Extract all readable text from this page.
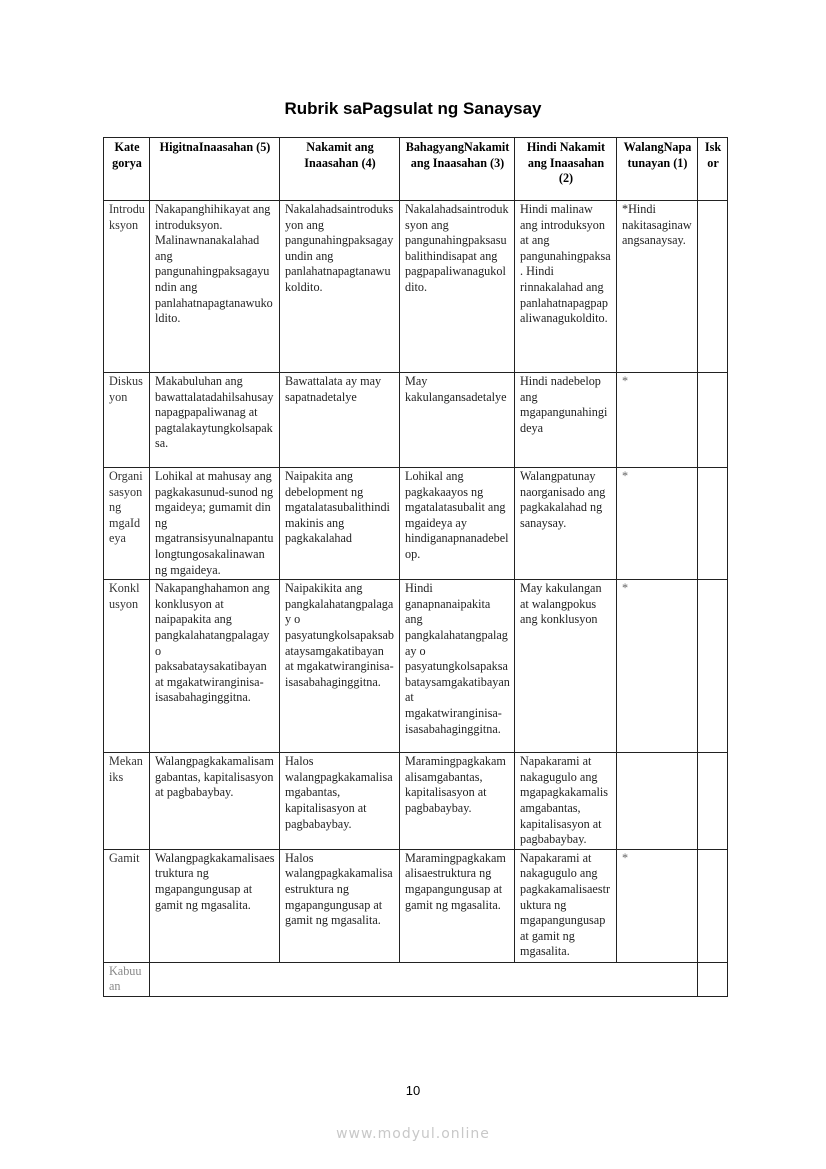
Rubrik saPagsulat ng Sanaysay
Kate gorya	HigitnaInaasahan (5)	Nakamit ang Inaasahan (4)	BahagyangNakamit ang Inaasahan (3)	Hindi Nakamit ang Inaasahan (2)	WalangNapatunayan (1)	Iskor
Introduksyon	Nakapanghihikayat ang introduksyon. Malinawnanakalahad ang pangunahingpaksagayundin ang panlahatnapagtanawukoldito.	Nakalahadsaintroduksyon ang pangunahingpaksagayundin ang panlahatnapagtanawukoldito.	Nakalahadsaintroduksyon ang pangunahingpaksasubalithindisapat ang pagpapaliwanagukoldito.	Hindi malinaw ang introduksyon at ang pangunahingpaksa. Hindi rinnakalahad ang panlahatnapagpapaliwanagukoldito.	*Hindi nakitasaginawangsanaysay.	
Diskusyon	Makabuluhan ang bawattalatadahilsahusaynapagpapaliwanag at pagtalakaytungkolsapaksa.	Bawattalata ay may sapatnadetalye	May kakulangansadetalye	Hindi nadebelop ang mgapangunahingideya	*	
Organisasyon ng mgaIdeya	Lohikal at mahusay ang pagkakasunud-sunod ng mgaideya; gumamit din ng mgatransisyunalnapantulongtungosakalinawan ng mgaideya.	Naipakita ang debelopment ng mgatalatasubalithindimakinis ang pagkakalahad	Lohikal ang pagkakaayos ng mgatalatasubalit ang mgaideya ay hindiganapnanadebelop.	Walangpatunay naorganisado ang pagkakalahad ng sanaysay.	*	
Konklusyon	Nakapanghahamon ang konklusyon at naipapakita ang pangkalahatangpalagay o paksabataysakatibayan at mgakatwiranginisa-isasabahaginggitna.	Naipakikita ang pangkalahatangpalagay o pasyatungkolsapaksabataysamgakatibayan at mgakatwiranginisa-isasabahaginggitna.	Hindi ganapnanaipakita ang pangkalahatangpalagay o pasyatungkolsapaksabataysamgakatibayan at mgakatwiranginisa-isasabahaginggitna.	May kakulangan at walangpokus ang konklusyon	*	
Mekaniks	Walangpagkakamalisamgabantas, kapitalisasyon at pagbabaybay.	Halos walangpagkakamalisamgabantas, kapitalisasyon at pagbabaybay.	Maramingpagkakamalisamgabantas, kapitalisasyon at pagbabaybay.	Napakarami at nakagugulo ang mgapagkakamalisamgabantas, kapitalisasyon at pagbabaybay.		
Gamit	Walangpagkakamalisaestruktura ng mgapangungusap at gamit ng mgasalita.	Halos walangpagkakamalisaestruktura ng mgapangungusap at gamit ng mgasalita.	Maramingpagkakamalisaestruktura ng mgapangungusap at gamit ng mgasalita.	Napakarami at nakagugulo ang pagkakamalisaestruktura ng mgapangungusap at gamit ng mgasalita.	*	
Kabuuan						
10
www.modyul.online
